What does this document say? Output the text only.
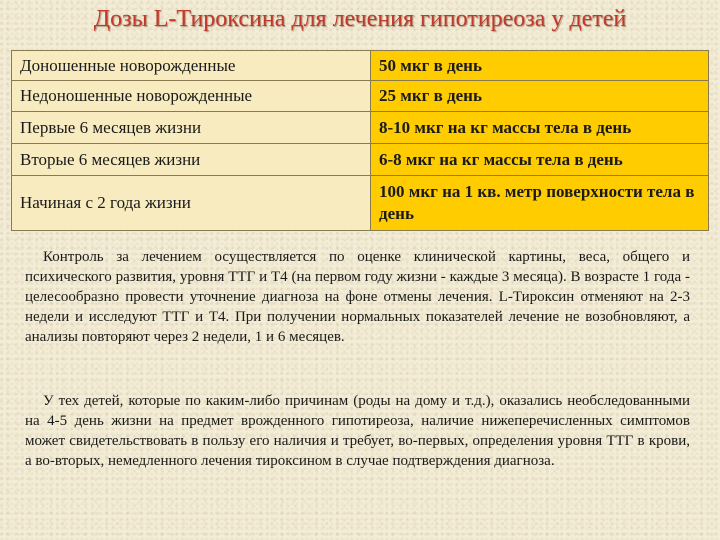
Дозы L-Тироксина для лечения гипотиреоза у детей
Доношенные новорожденные	50 мкг в день
Недоношенные новорожденные	25 мкг в день
Первые 6 месяцев жизни	8-10 мкг на кг массы тела в день
Вторые 6 месяцев жизни	6-8 мкг на кг массы тела в день
Начиная с 2 года жизни	100 мкг на 1 кв. метр поверхности тела в день

Контроль за лечением осуществляется по оценке клинической картины, веса, общего и психического развития, уровня ТТГ и Т4 (на первом году жизни - каждые 3 месяца). В возрасте 1 года - целесообразно провести уточнение диагноза на фоне отмены лечения. L-Тироксин отменяют на 2-3 недели и исследуют ТТГ и Т4. При получении нормальных показателей лечение не возобновляют, а анализы повторяют через 2 недели, 1 и 6 месяцев.

У тех детей, которые по каким-либо причинам (роды на дому и т.д.), оказались необследованными на 4-5 день жизни на предмет врожденного гипотиреоза, наличие нижеперечисленных симптомов может свидетельствовать в пользу его наличия и требует, во-первых, определения уровня ТТГ в крови, а во-вторых, немедленного лечения тироксином в случае подтверждения диагноза.
